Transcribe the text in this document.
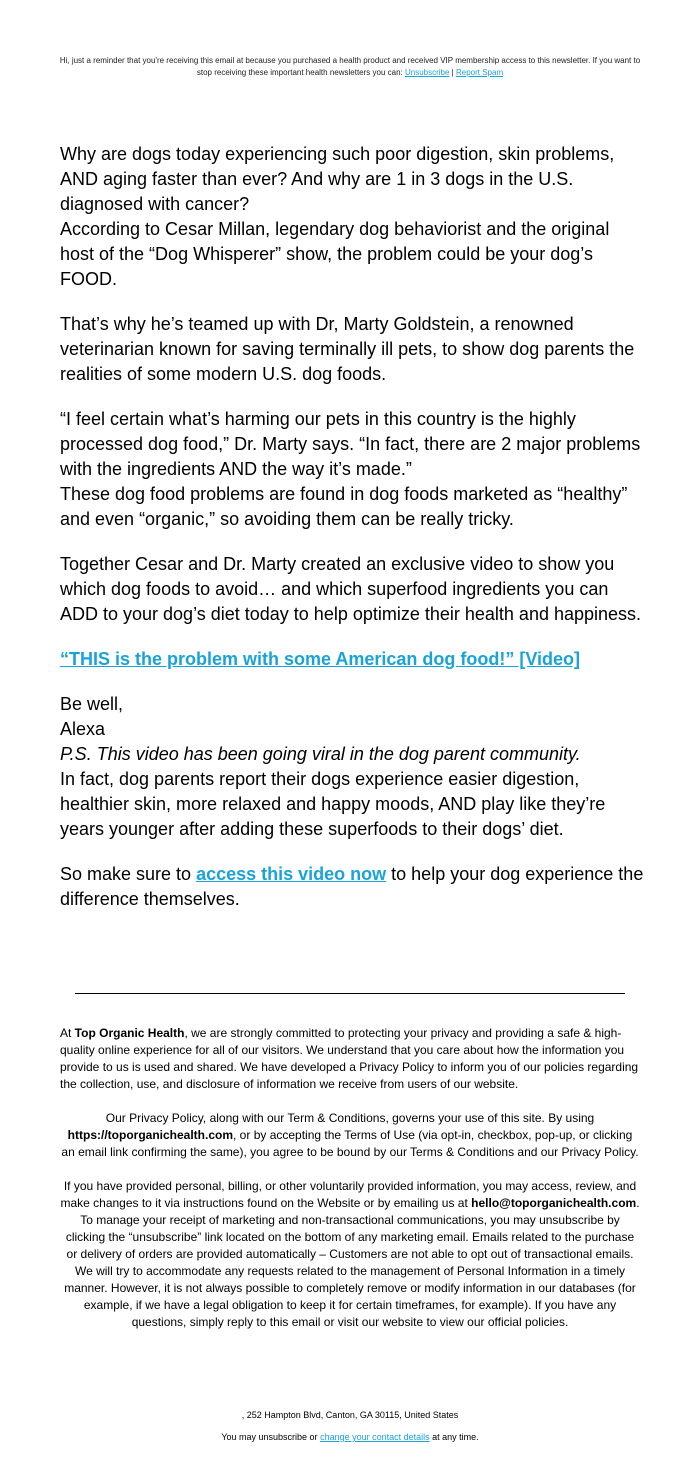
Hi, just a reminder that you're receiving this email at because you purchased a health product and received VIP membership access to this newsletter. If you want to stop receiving these important health newsletters you can: Unsubscribe | Report Spam

Why are dogs today experiencing such poor digestion, skin problems, AND aging faster than ever? And why are 1 in 3 dogs in the U.S. diagnosed with cancer?

According to Cesar Millan, legendary dog behaviorist and the original host of the “Dog Whisperer” show, the problem could be your dog’s FOOD.

That’s why he’s teamed up with Dr, Marty Goldstein, a renowned veterinarian known for saving terminally ill pets, to show dog parents the realities of some modern U.S. dog foods.

“I feel certain what’s harming our pets in this country is the highly processed dog food,” Dr. Marty says. “In fact, there are 2 major problems with the ingredients AND the way it’s made.”

These dog food problems are found in dog foods marketed as “healthy” and even “organic,” so avoiding them can be really tricky.

Together Cesar and Dr. Marty created an exclusive video to show you which dog foods to avoid… and which superfood ingredients you can ADD to your dog’s diet today to help optimize their health and happiness.

“THIS is the problem with some American dog food!” [Video]

Be well,

Alexa

P.S. This video has been going viral in the dog parent community.

In fact, dog parents report their dogs experience easier digestion, healthier skin, more relaxed and happy moods, AND play like they’re years younger after adding these superfoods to their dogs’ diet.

So make sure to access this video now to help your dog experience the difference themselves.

At Top Organic Health, we are strongly committed to protecting your privacy and providing a safe & high-quality online experience for all of our visitors. We understand that you care about how the information you provide to us is used and shared. We have developed a Privacy Policy to inform you of our policies regarding the collection, use, and disclosure of information we receive from users of our website.

Our Privacy Policy, along with our Term & Conditions, governs your use of this site. By using https://toporganichealth.com, or by accepting the Terms of Use (via opt-in, checkbox, pop-up, or clicking an email link confirming the same), you agree to be bound by our Terms & Conditions and our Privacy Policy.

If you have provided personal, billing, or other voluntarily provided information, you may access, review, and make changes to it via instructions found on the Website or by emailing us at hello@toporganichealth.com. To manage your receipt of marketing and non-transactional communications, you may unsubscribe by clicking the “unsubscribe” link located on the bottom of any marketing email. Emails related to the purchase or delivery of orders are provided automatically – Customers are not able to opt out of transactional emails. We will try to accommodate any requests related to the management of Personal Information in a timely manner. However, it is not always possible to completely remove or modify information in our databases (for example, if we have a legal obligation to keep it for certain timeframes, for example). If you have any questions, simply reply to this email or visit our website to view our official policies.

, 252 Hampton Blvd, Canton, GA 30115, United States
You may unsubscribe or change your contact details at any time.
